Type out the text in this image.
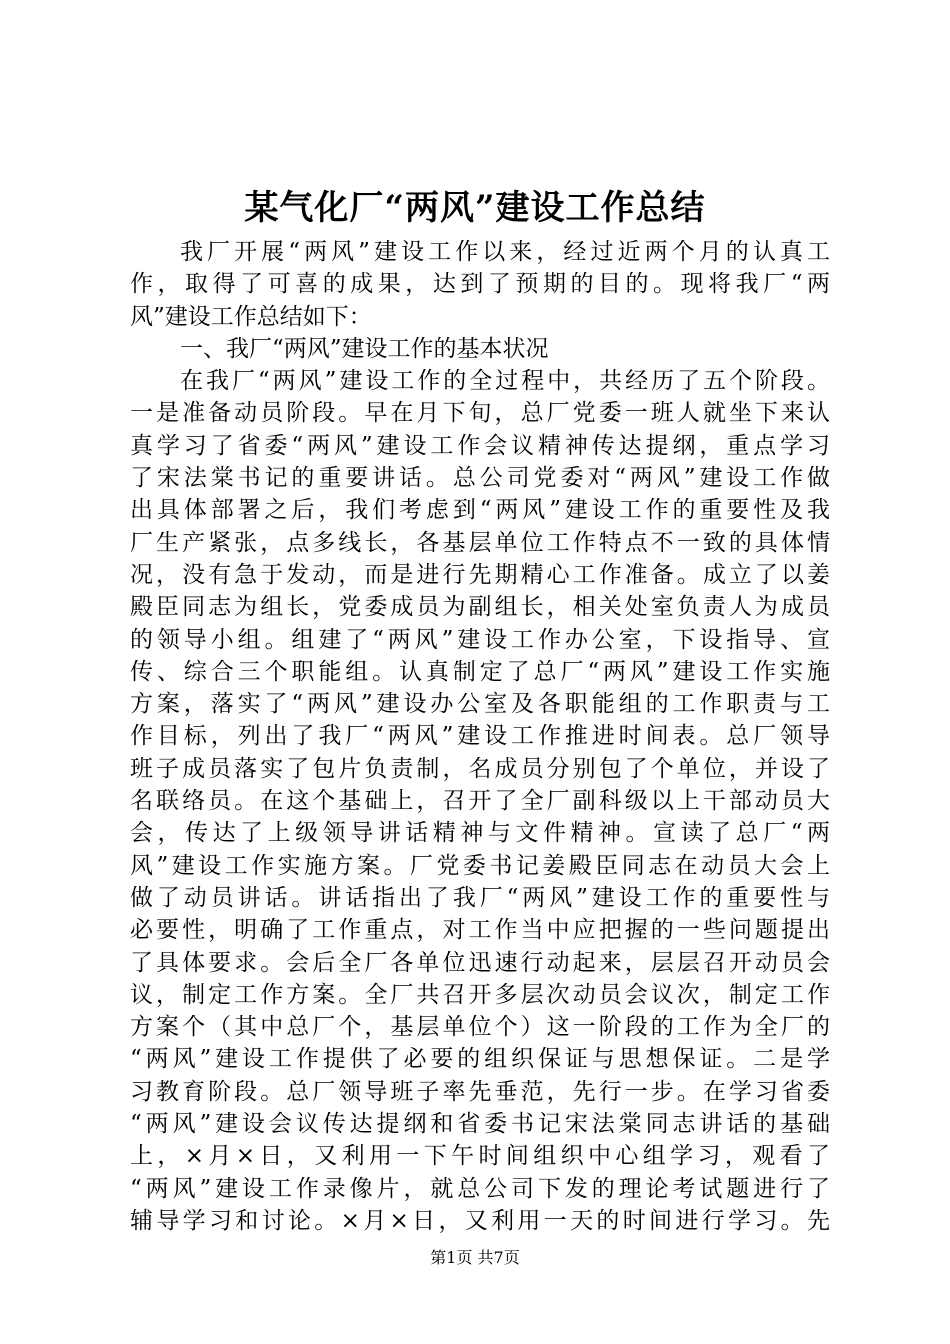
某气化厂“两风”建设工作总结
我厂开展“两风”建设工作以来，经过近两个月的认真工
作，取得了可喜的成果，达到了预期的目的。现将我厂“两
风”建设工作总结如下：
一、我厂“两风”建设工作的基本状况
在我厂“两风”建设工作的全过程中，共经历了五个阶段。
一是准备动员阶段。早在月下旬，总厂党委一班人就坐下来认
真学习了省委“两风”建设工作会议精神传达提纲，重点学习
了宋法棠书记的重要讲话。总公司党委对“两风”建设工作做
出具体部署之后，我们考虑到“两风”建设工作的重要性及我
厂生产紧张，点多线长，各基层单位工作特点不一致的具体情
况，没有急于发动，而是进行先期精心工作准备。成立了以姜
殿臣同志为组长，党委成员为副组长，相关处室负责人为成员
的领导小组。组建了“两风”建设工作办公室，下设指导、宣
传、综合三个职能组。认真制定了总厂“两风”建设工作实施
方案，落实了“两风”建设办公室及各职能组的工作职责与工
作目标，列出了我厂“两风”建设工作推进时间表。总厂领导
班子成员落实了包片负责制，名成员分别包了个单位，并设了
名联络员。在这个基础上，召开了全厂副科级以上干部动员大
会，传达了上级领导讲话精神与文件精神。宣读了总厂“两
风”建设工作实施方案。厂党委书记姜殿臣同志在动员大会上
做了动员讲话。讲话指出了我厂“两风”建设工作的重要性与
必要性，明确了工作重点，对工作当中应把握的一些问题提出
了具体要求。会后全厂各单位迅速行动起来，层层召开动员会
议，制定工作方案。全厂共召开多层次动员会议次，制定工作
方案个（其中总厂个，基层单位个）这一阶段的工作为全厂的
“两风”建设工作提供了必要的组织保证与思想保证。二是学
习教育阶段。总厂领导班子率先垂范，先行一步。在学习省委
“两风”建设会议传达提纲和省委书记宋法棠同志讲话的基础
上，×月×日，又利用一下午时间组织中心组学习，观看了
“两风”建设工作录像片，就总公司下发的理论考试题进行了
辅导学习和讨论。×月×日，又利用一天的时间进行学习。先
第1页 共7页
